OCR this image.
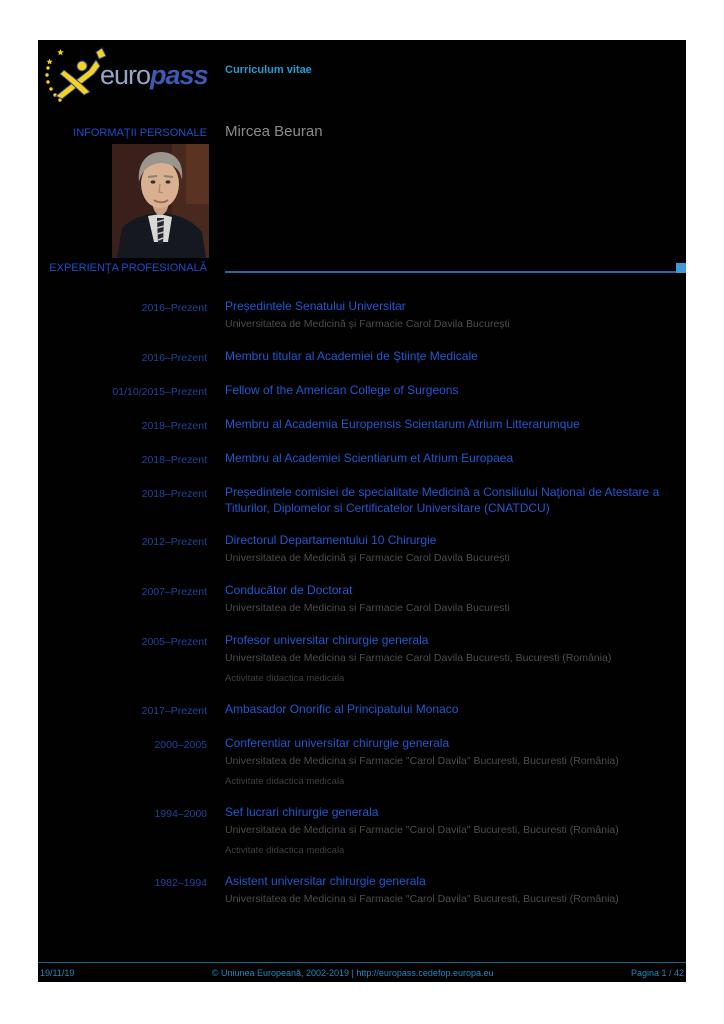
europass Curriculum vitae
INFORMAŢII PERSONALE Mircea Beuran
EXPERIENŢA PROFESIONALĂ
2016–Prezent Președintele Senatului Universitar
Universitatea de Medicină și Farmacie Carol Davila București
2016–Prezent Membru titular al Academiei de Ştiinţe Medicale
01/10/2015–Prezent Fellow of the American College of Surgeons
2018–Prezent Membru al Academia Europensis Scientarum Atrium Litterarumque
2018–Prezent Membru al Academiei Scientiarum et Atrium Europaea
2018–Prezent Președintele comisiei de specialitate Medicină a Consiliului Naţional de Atestare a Titlurilor, Diplomelor si Certificatelor Universitare (CNATDCU)
2012–Prezent Directorul Departamentului 10 Chirurgie
Universitatea de Medicină și Farmacie Carol Davila București
2007–Prezent Conducător de Doctorat
Universitatea de Medicina si Farmacie Carol Davila Bucuresti
2005–Prezent Profesor universitar chirurgie generala
Universitatea de Medicina si Farmacie Carol Davila Bucuresti, Bucuresti (România)
Activitate didactica medicala
2017–Prezent Ambasador Onorific al Principatului Monaco
2000–2005 Conferentiar universitar chirurgie generala
Universitatea de Medicina si Farmacie "Carol Davila" Bucuresti, Bucuresti (România)
Activitate didactica medicala
1994–2000 Sef lucrari chirurgie generala
Universitatea de Medicina si Farmacie "Carol Davila" Bucuresti, Bucuresti (România)
Activitate didactica medicala
1982–1994 Asistent universitar chirurgie generala
Universitatea de Medicina si Farmacie "Carol Davila" Bucuresti, Bucuresti (România)
19/11/19	© Uniunea Europeană, 2002-2019 | http://europass.cedefop.europa.eu	Pagina 1 / 42
